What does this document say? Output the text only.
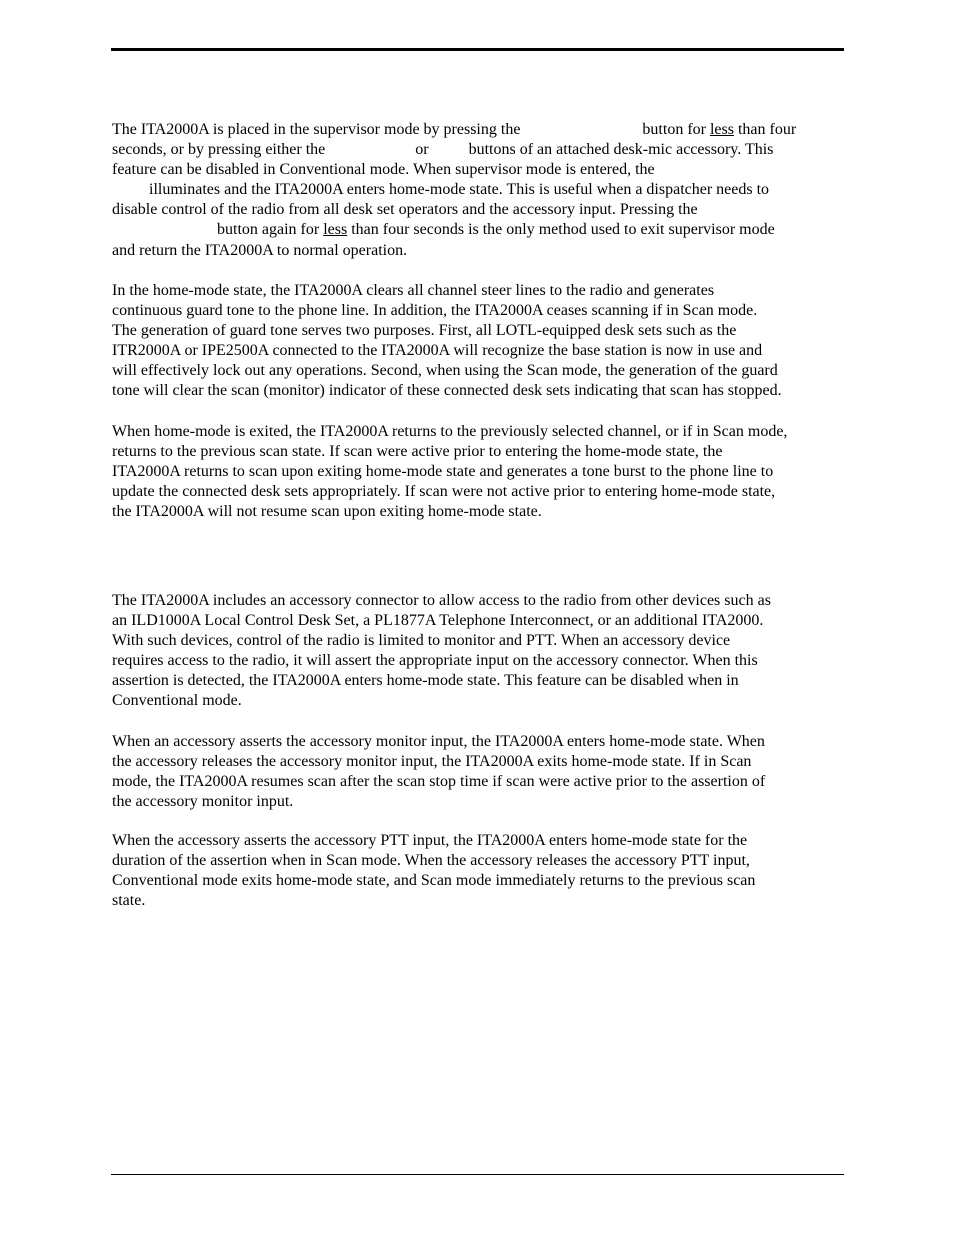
The ITA2000A is placed in the supervisor mode by pressing the	button for less than four
seconds, or by pressing either the	or	buttons of an attached desk-mic accessory. This
feature can be disabled in Conventional mode. When supervisor mode is entered, the
illuminates and the ITA2000A enters home-mode state. This is useful when a dispatcher needs to
disable control of the radio from all desk set operators and the accessory input. Pressing the
button again for less than four seconds is the only method used to exit supervisor mode
and return the ITA2000A to normal operation.
In the home-mode state, the ITA2000A clears all channel steer lines to the radio and generates
continuous guard tone to the phone line. In addition, the ITA2000A ceases scanning if in Scan mode.
The generation of guard tone serves two purposes. First, all LOTL-equipped desk sets such as the
ITR2000A or IPE2500A connected to the ITA2000A will recognize the base station is now in use and
will effectively lock out any operations. Second, when using the Scan mode, the generation of the guard
tone will clear the scan (monitor) indicator of these connected desk sets indicating that scan has stopped.
When home-mode is exited, the ITA2000A returns to the previously selected channel, or if in Scan mode,
returns to the previous scan state. If scan were active prior to entering the home-mode state, the
ITA2000A returns to scan upon exiting home-mode state and generates a tone burst to the phone line to
update the connected desk sets appropriately. If scan were not active prior to entering home-mode state,
the ITA2000A will not resume scan upon exiting home-mode state.
The ITA2000A includes an accessory connector to allow access to the radio from other devices such as
an ILD1000A Local Control Desk Set, a PL1877A Telephone Interconnect, or an additional ITA2000.
With such devices, control of the radio is limited to monitor and PTT. When an accessory device
requires access to the radio, it will assert the appropriate input on the accessory connector. When this
assertion is detected, the ITA2000A enters home-mode state. This feature can be disabled when in
Conventional mode.
When an accessory asserts the accessory monitor input, the ITA2000A enters home-mode state. When
the accessory releases the accessory monitor input, the ITA2000A exits home-mode state. If in Scan
mode, the ITA2000A resumes scan after the scan stop time if scan were active prior to the assertion of
the accessory monitor input.
When the accessory asserts the accessory PTT input, the ITA2000A enters home-mode state for the
duration of the assertion when in Scan mode. When the accessory releases the accessory PTT input,
Conventional mode exits home-mode state, and Scan mode immediately returns to the previous scan
state.
